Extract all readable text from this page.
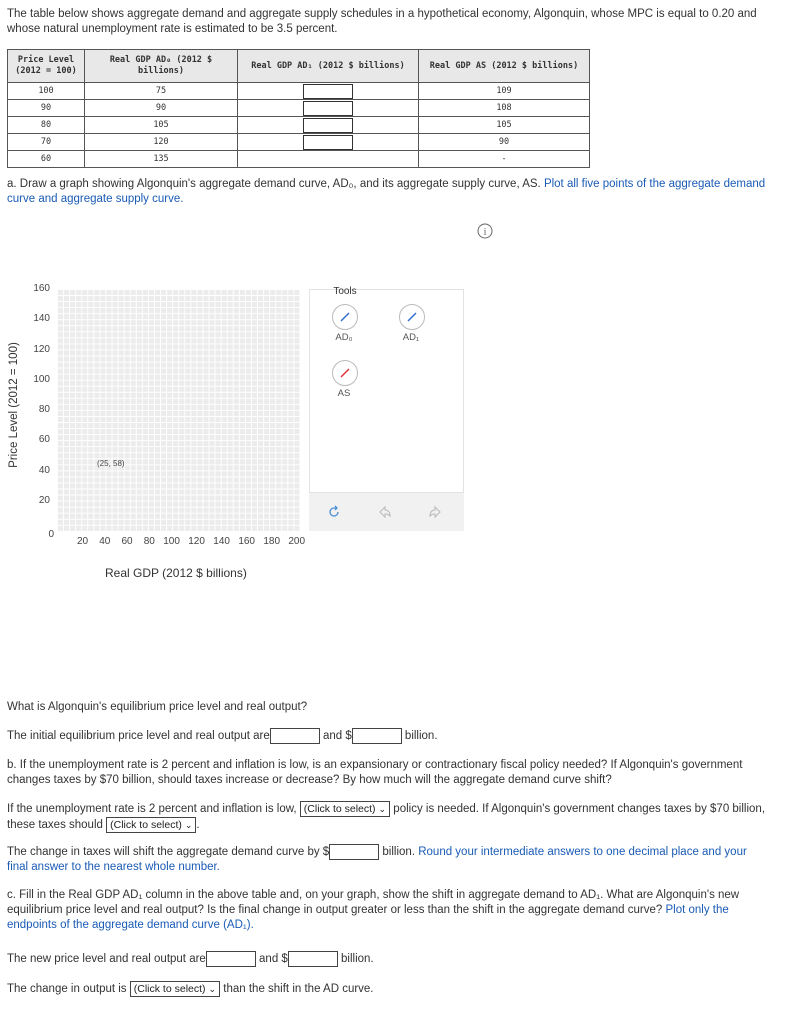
The table below shows aggregate demand and aggregate supply schedules in a hypothetical economy, Algonquin, whose MPC is equal to 0.20 and whose natural unemployment rate is estimated to be 3.5 percent.

Price Level (2012 = 100)	Real GDP AD₀ (2012 $ billions)	Real GDP AD₁ (2012 $ billions)	Real GDP AS (2012 $ billions)
100	75		109
90	90		108
80	105		105
70	120		90
60	135		-

a. Draw a graph showing Algonquin's aggregate demand curve, AD₀, and its aggregate supply curve, AS. Plot all five points of the aggregate demand curve and aggregate supply curve.

i
Price Level (2012 = 100)
160
140
120
100
80
60
40
20
0
(25, 58)
20 40 60 80 100 120 140 160 180 200
Real GDP (2012 $ billions)
Tools
AD₀	AD₁
AS

What is Algonquin's equilibrium price level and real output?

The initial equilibrium price level and real output are	and $	billion.

b. If the unemployment rate is 2 percent and inflation is low, is an expansionary or contractionary fiscal policy needed? If Algonquin's government changes taxes by $70 billion, should taxes increase or decrease? By how much will the aggregate demand curve shift?

If the unemployment rate is 2 percent and inflation is low, (Click to select) ⌄ policy is needed. If Algonquin's government changes taxes by $70 billion, these taxes should (Click to select) ⌄ .

The change in taxes will shift the aggregate demand curve by $	billion. Round your intermediate answers to one decimal place and your final answer to the nearest whole number.

c. Fill in the Real GDP AD₁ column in the above table and, on your graph, show the shift in aggregate demand to AD₁. What are Algonquin's new equilibrium price level and real output? Is the final change in output greater or less than the shift in the aggregate demand curve? Plot only the endpoints of the aggregate demand curve (AD₁).

The new price level and real output are	and $	billion.

The change in output is (Click to select) ⌄ than the shift in the AD curve.
